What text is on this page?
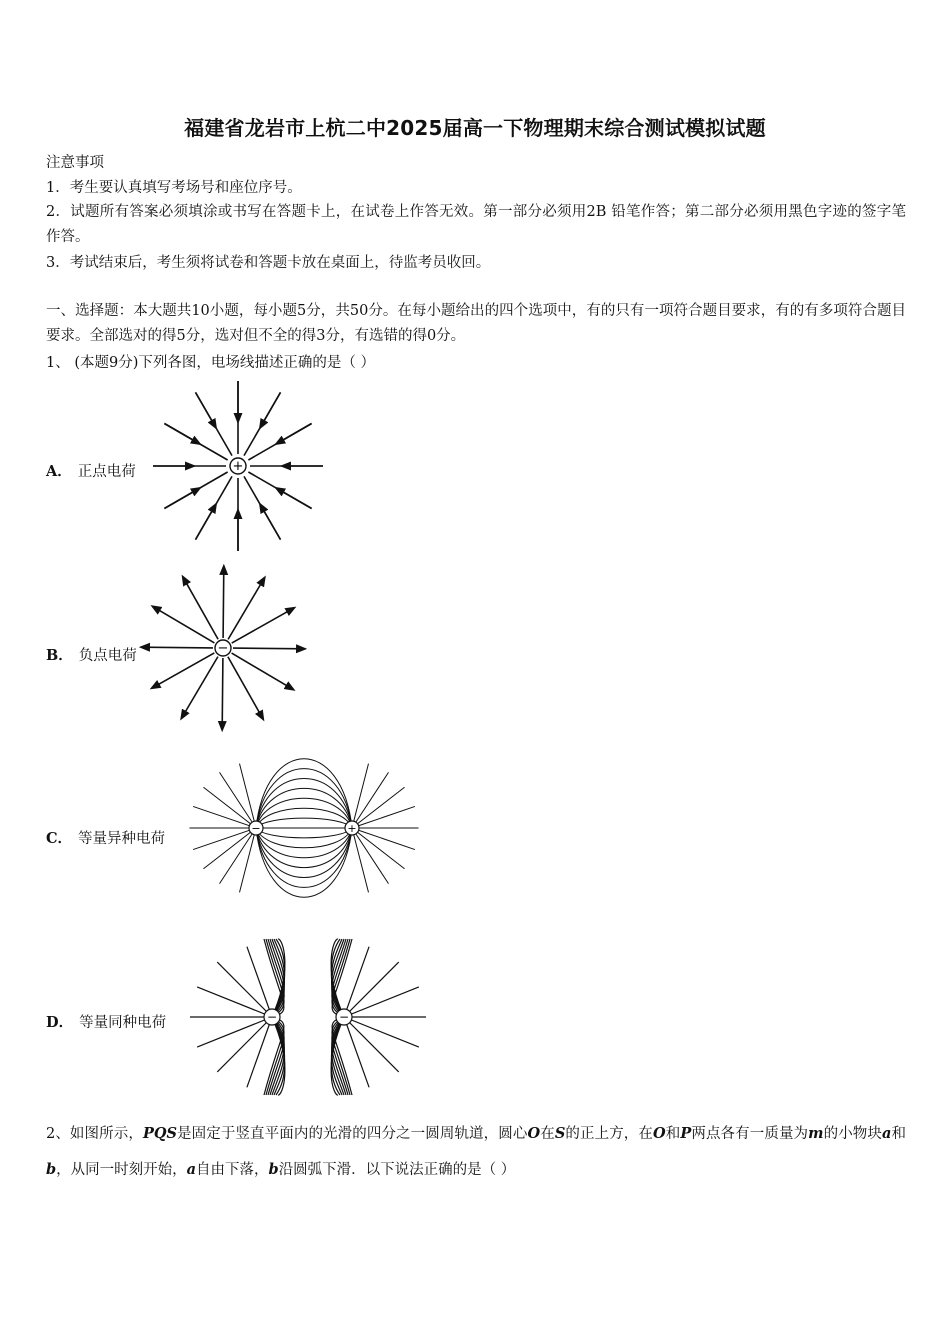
福建省龙岩市上杭二中2025届高一下物理期末综合测试模拟试题
注意事项
1．考生要认真填写考场号和座位序号。
2．试题所有答案必须填涂或书写在答题卡上，在试卷上作答无效。第一部分必须用2B 铅笔作答；第二部分必须用黑色字迹的签字笔作答。
3．考试结束后，考生须将试卷和答题卡放在桌面上，待监考员收回。
一、选择题：本大题共10小题，每小题5分，共50分。在每小题给出的四个选项中，有的只有一项符合题目要求，有的有多项符合题目要求。全部选对的得5分，选对但不全的得3分，有选错的得0分。
1、 (本题9分)下列各图，电场线描述正确的是（ ）
A． 正点电荷	+
B． 负点电荷	−
C． 等量异种电荷
−	+
D． 等量同种电荷	−	−
2、如图所示，PQS是固定于竖直平面内的光滑的四分之一圆周轨道，圆心O在S的正上方，在O和P两点各有一质量为m的小物块a和b，从同一时刻开始，a自由下落，b沿圆弧下滑．以下说法正确的是（ ）
